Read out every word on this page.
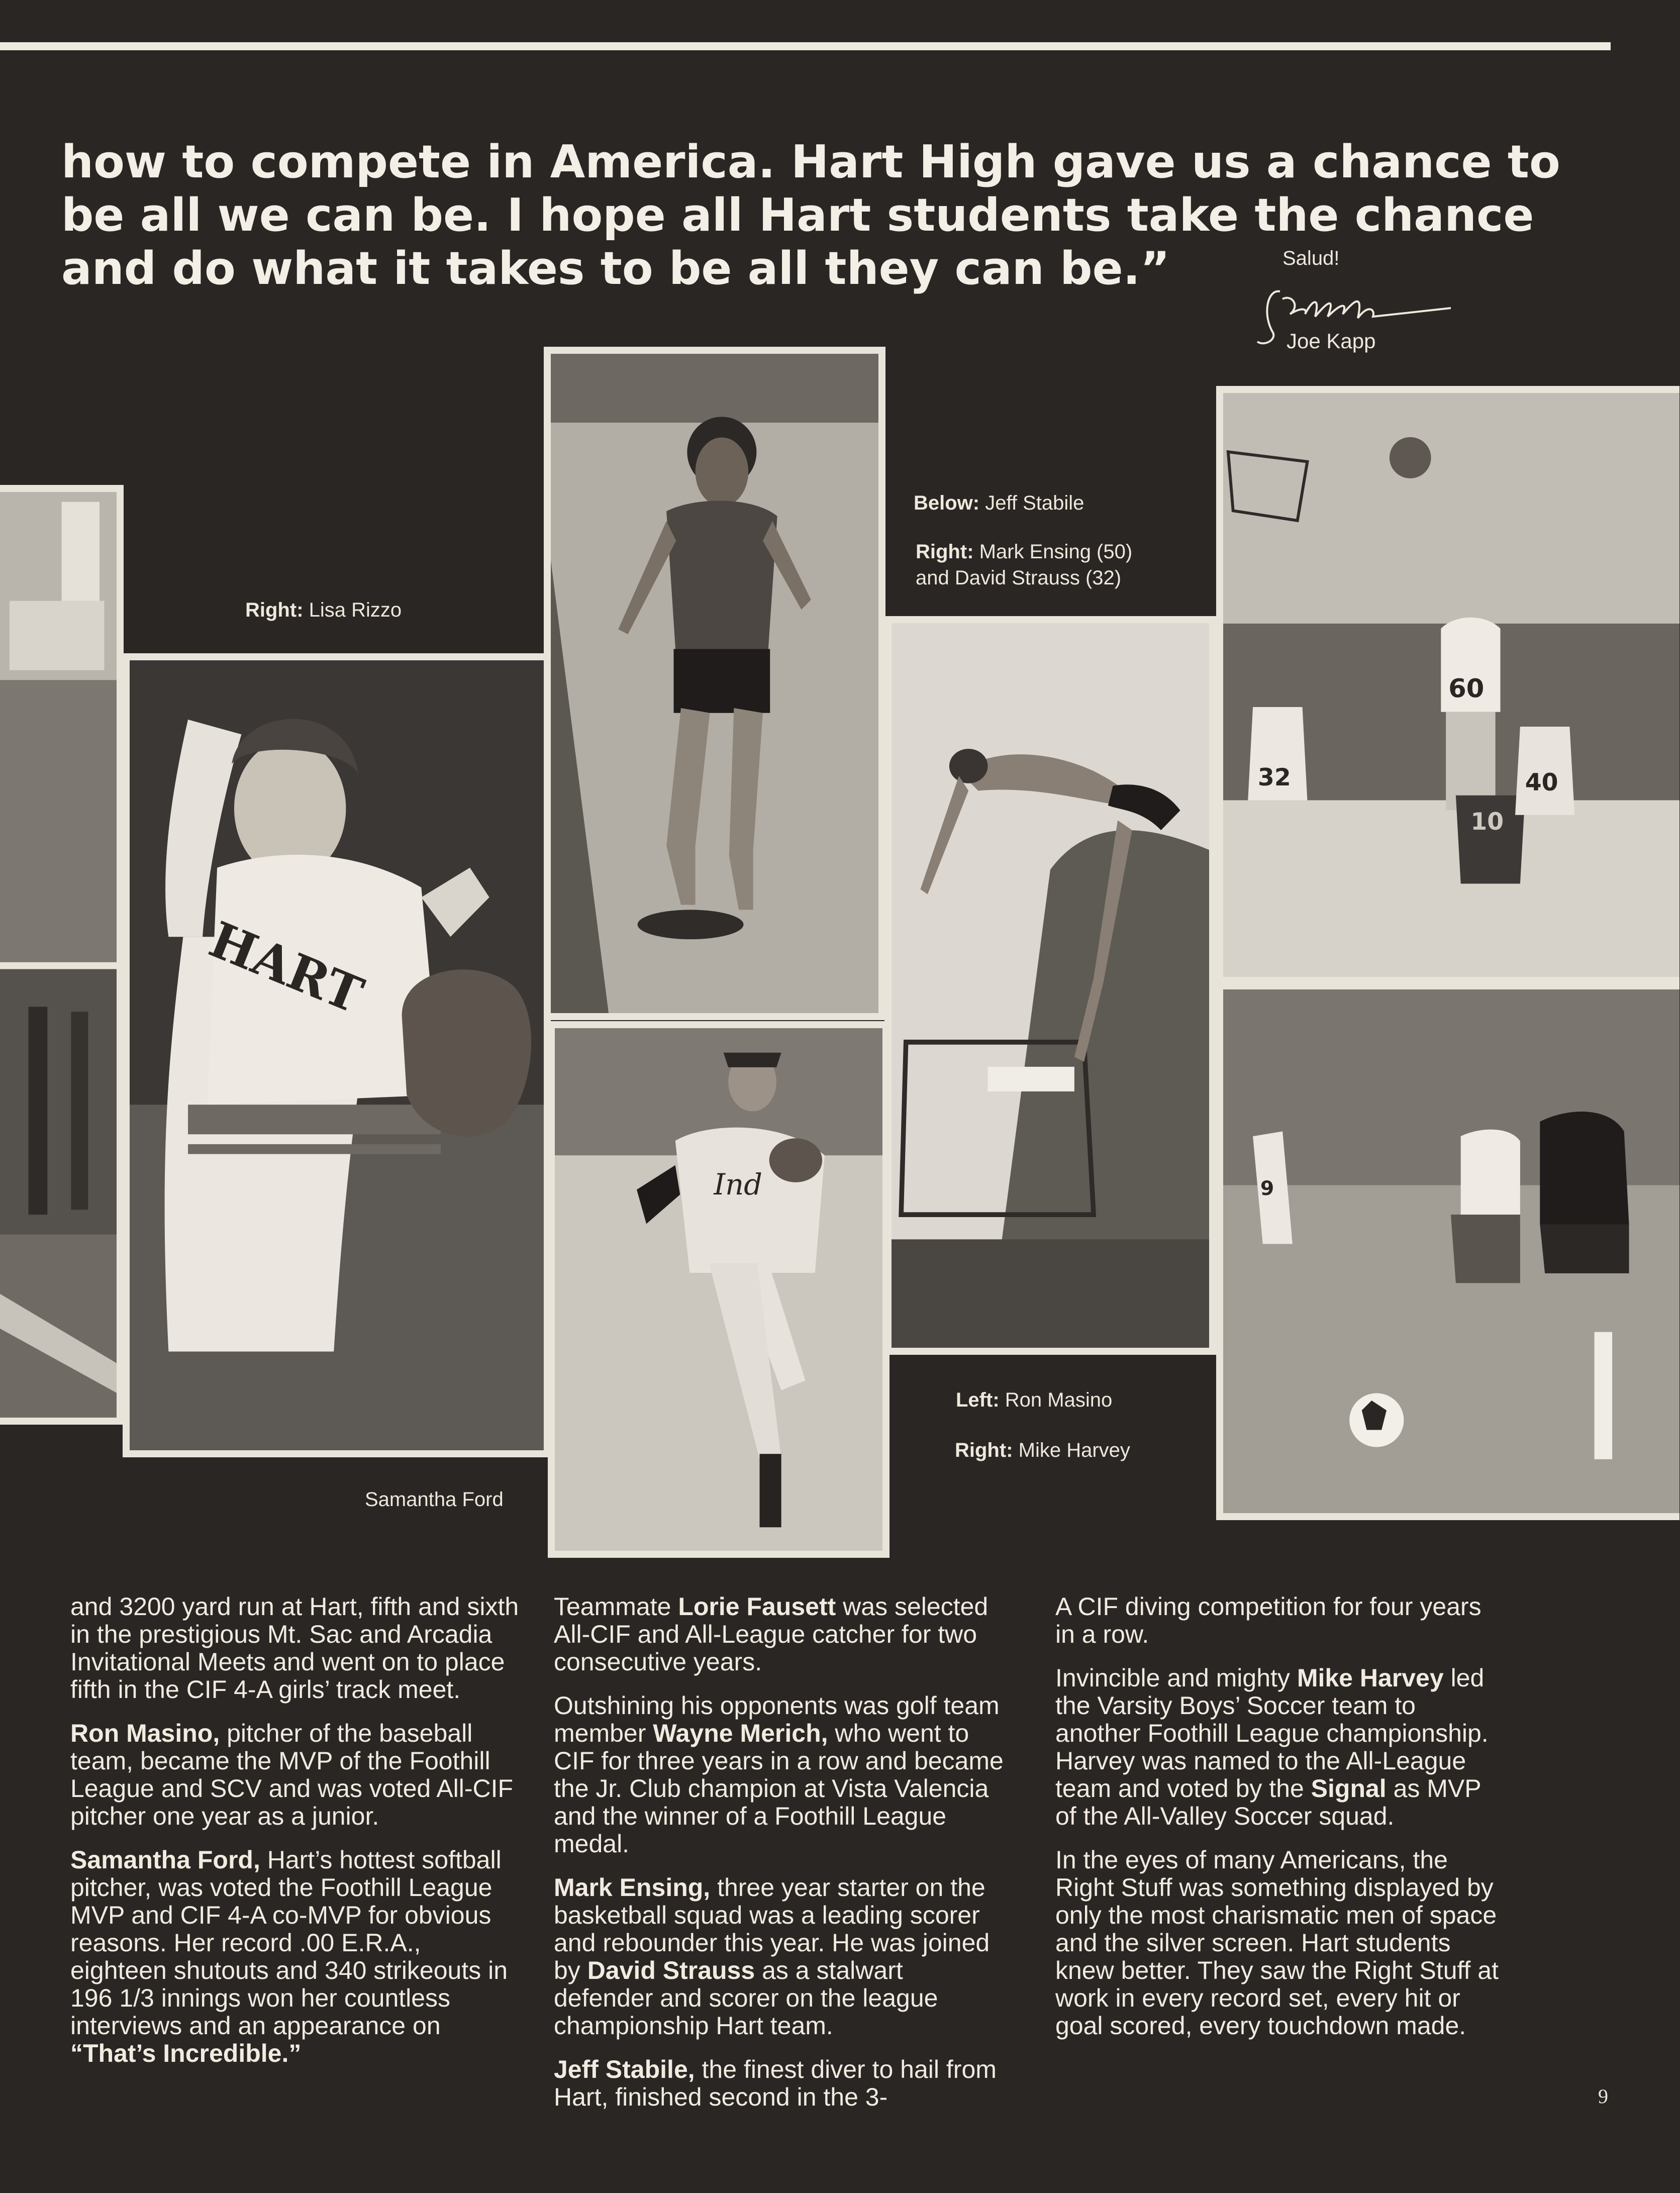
how to compete in America. Hart High gave us a chance to
be all we can be. I hope all Hart students take the chance
and do what it takes to be all they can be.”	Salud!
Joe Kapp
HART
Ind
60
32
10
40
9
Right: Lisa Rizzo
Below: Jeff Stabile
Right: Mark Ensing (50)
and David Strauss (32)
Samantha Ford
Left: Ron Masino
Right: Mike Harvey

and 3200 yard run at Hart, fifth and sixth in the prestigious Mt. Sac and Arcadia Invitational Meets and went on to place fifth in the CIF 4-A girls’ track meet.

Ron Masino, pitcher of the baseball team, became the MVP of the Foothill League and SCV and was voted All-CIF pitcher one year as a junior.

Samantha Ford, Hart’s hottest softball pitcher, was voted the Foothill League MVP and CIF 4-A co-MVP for obvious reasons. Her record .00 E.R.A., eighteen shutouts and 340 strikeouts in 196 1/3 innings won her countless interviews and an appearance on “That’s Incredible.”

Teammate Lorie Fausett was selected All-CIF and All-League catcher for two consecutive years.

Outshining his opponents was golf team member Wayne Merich, who went to CIF for three years in a row and became the Jr. Club champion at Vista Valencia and the winner of a Foothill League medal.

Mark Ensing, three year starter on the basketball squad was a leading scorer and rebounder this year. He was joined by David Strauss as a stalwart defender and scorer on the league championship Hart team.

Jeff Stabile, the finest diver to hail from Hart, finished second in the 3-

A CIF diving competition for four years in a row.

Invincible and mighty Mike Harvey led the Varsity Boys’ Soccer team to another Foothill League championship. Harvey was named to the All-League team and voted by the Signal as MVP of the All-Valley Soccer squad.

In the eyes of many Americans, the Right Stuff was something displayed by only the most charismatic men of space and the silver screen. Hart students knew better. They saw the Right Stuff at work in every record set, every hit or goal scored, every touchdown made.

9
